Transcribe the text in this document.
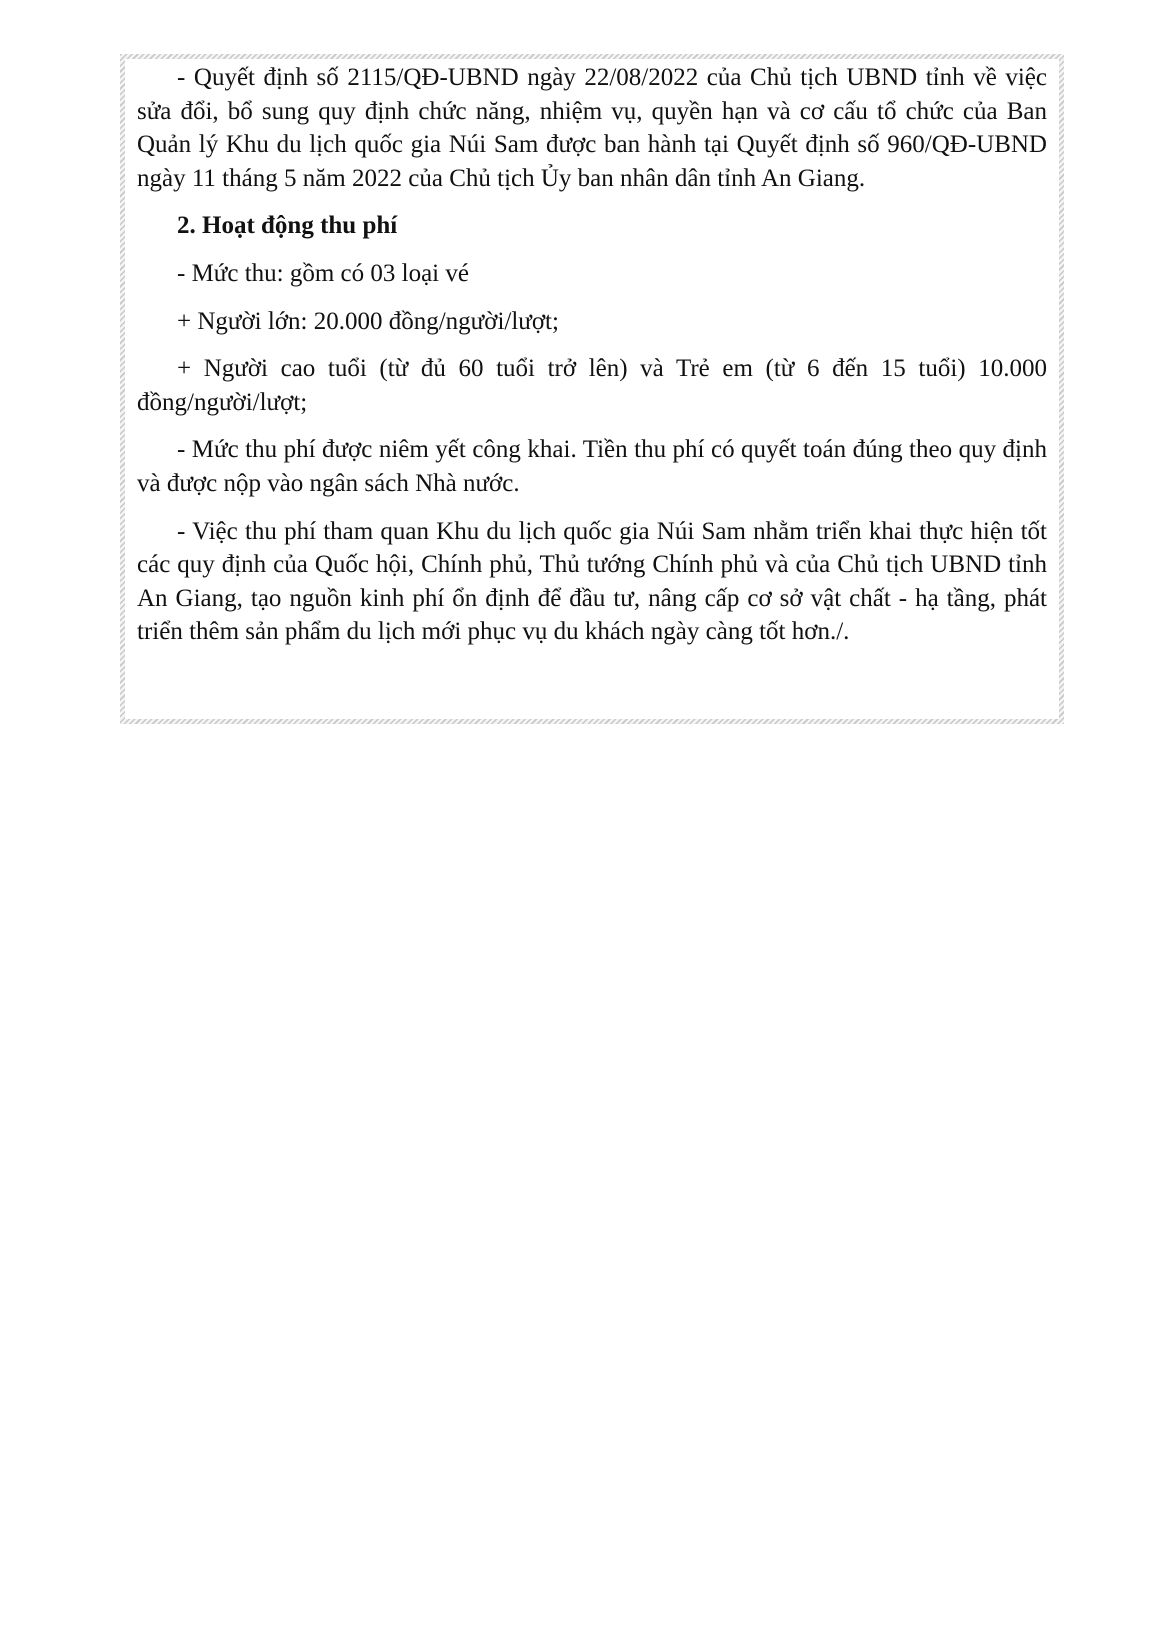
- Quyết định số 2115/QĐ-UBND ngày 22/08/2022 của Chủ tịch UBND tỉnh về việc sửa đổi, bổ sung quy định chức năng, nhiệm vụ, quyền hạn và cơ cấu tổ chức của Ban Quản lý Khu du lịch quốc gia Núi Sam được ban hành tại Quyết định số 960/QĐ-UBND ngày 11 tháng 5 năm 2022 của Chủ tịch Ủy ban nhân dân tỉnh An Giang.

2. Hoạt động thu phí

- Mức thu: gồm có 03 loại vé

+ Người lớn: 20.000 đồng/người/lượt;

+ Người cao tuổi (từ đủ 60 tuổi trở lên) và Trẻ em (từ 6 đến 15 tuổi) 10.000 đồng/người/lượt;

- Mức thu phí được niêm yết công khai. Tiền thu phí có quyết toán đúng theo quy định và được nộp vào ngân sách Nhà nước.

- Việc thu phí tham quan Khu du lịch quốc gia Núi Sam nhằm triển khai thực hiện tốt các quy định của Quốc hội, Chính phủ, Thủ tướng Chính phủ và của Chủ tịch UBND tỉnh An Giang, tạo nguồn kinh phí ổn định để đầu tư, nâng cấp cơ sở vật chất - hạ tầng, phát triển thêm sản phẩm du lịch mới phục vụ du khách ngày càng tốt hơn./.
